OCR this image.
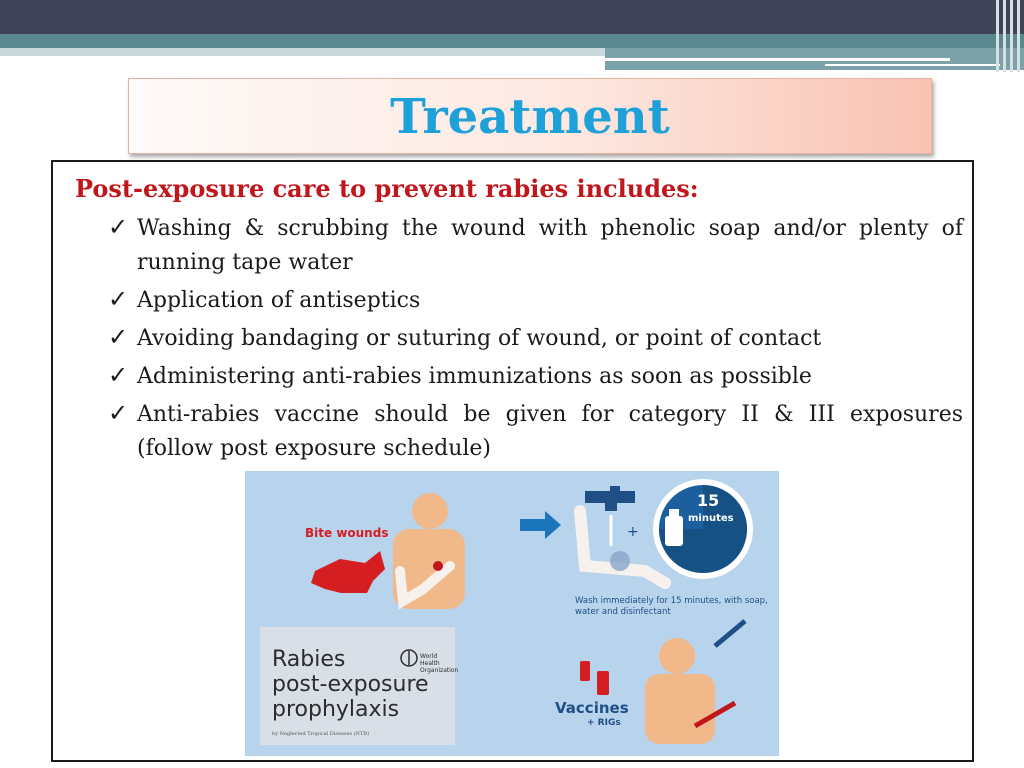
Treatment
Post-exposure care to prevent rabies includes:
✓ Washing & scrubbing the wound with phenolic soap and/or plenty of running tape water
✓ Application of antiseptics
✓ Avoiding bandaging or suturing of wound, or point of contact
✓ Administering anti-rabies immunizations as soon as possible
✓ Anti-rabies vaccine should be given for category II & III exposures (follow post exposure schedule)
+
Bite wounds
15
minutes
Wash immediately for 15 minutes, with soap, water and disinfectant
Rabies
post-exposure
prophylaxis
World Health Organization
by Neglected Tropical Diseases (NTD)
Vaccines
+ RIGs
